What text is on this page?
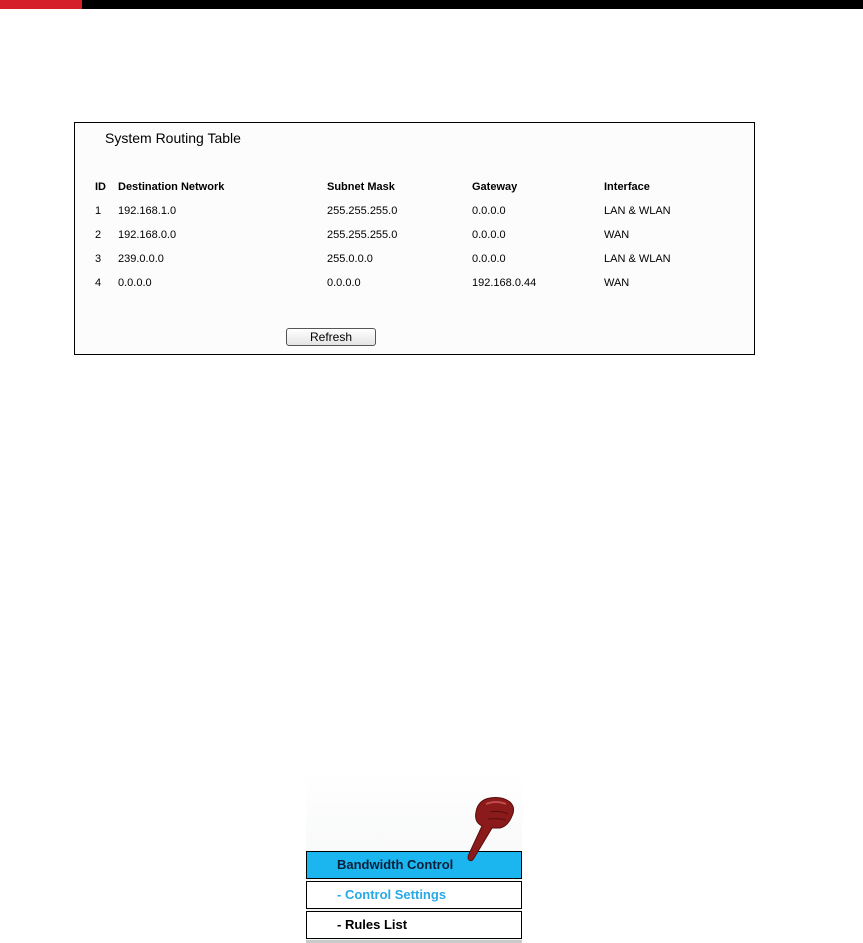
System Routing Table
ID Destination Network	Subnet Mask	Gateway	Interface
1 192.168.1.0	255.255.255.0	0.0.0.0	LAN & WLAN
2 192.168.0.0	255.255.255.0	0.0.0.0	WAN
3 239.0.0.0	255.0.0.0	0.0.0.0	LAN & WLAN
4 0.0.0.0	0.0.0.0	192.168.0.44	WAN
Refresh
Bandwidth Control
- Control Settings
- Rules List
